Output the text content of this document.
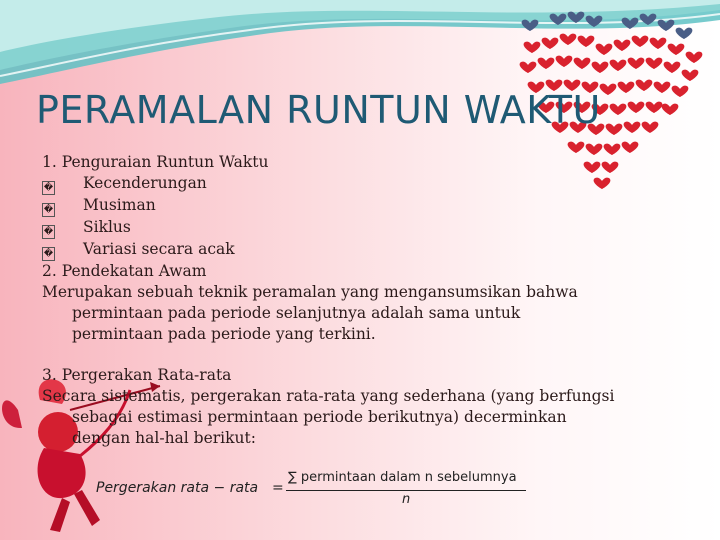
PERAMALAN RUNTUN WAKTU
1. Penguraian Runtun Waktu
� Kecenderungan
� Musiman
� Siklus
� Variasi secara acak
2. Pendekatan Awam
Merupakan sebuah teknik peramalan yang mengansumsikan bahwa
permintaan pada periode selanjutnya adalah sama untuk
permintaan pada periode yang terkini.
3. Pergerakan Rata-rata
Secara sistematis, pergerakan rata-rata yang sederhana (yang berfungsi
sebagai estimasi permintaan periode berikutnya) decerminkan
dengan hal-hal berikut:
Pergerakan rata − rata =
∑ permintaan dalam n sebelumnya
n
